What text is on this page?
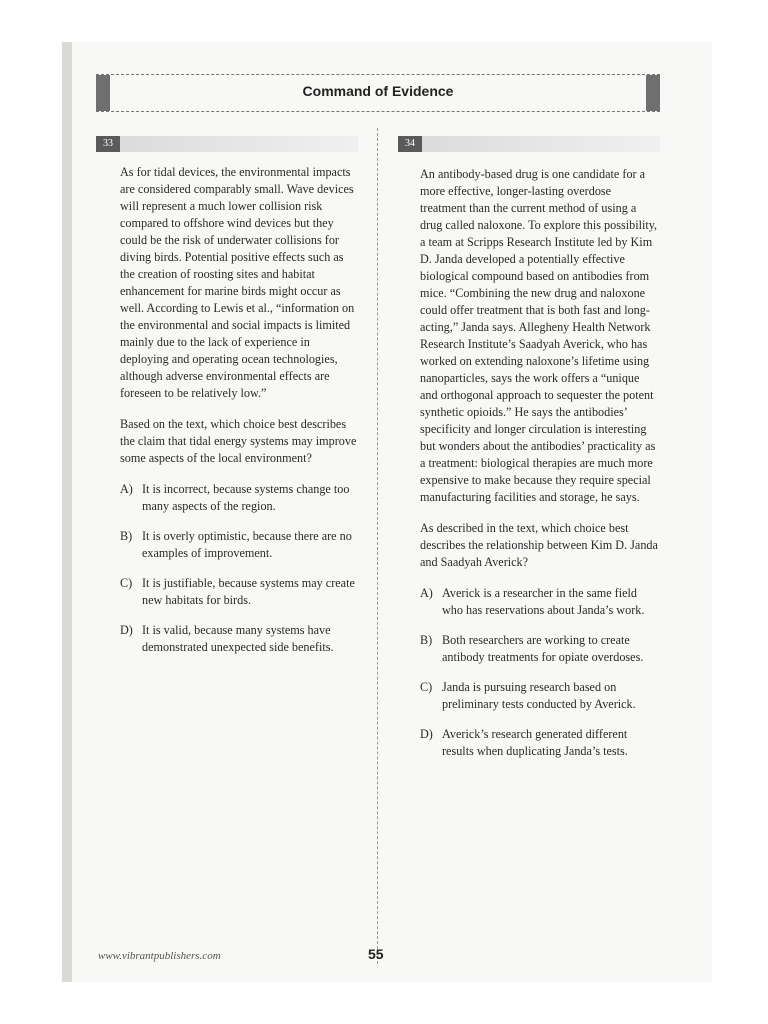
Command of Evidence
33

As for tidal devices, the environmental impacts are considered comparably small. Wave devices will represent a much lower collision risk compared to offshore wind devices but they could be the risk of underwater collisions for diving birds. Potential positive effects such as the creation of roosting sites and habitat enhancement for marine birds might occur as well. According to Lewis et al., “information on the environmental and social impacts is limited mainly due to the lack of experience in deploying and operating ocean technologies, although adverse environmental effects are foreseen to be relatively low.”

Based on the text, which choice best describes the claim that tidal energy systems may improve some aspects of the local environment?

A) It is incorrect, because systems change too many aspects of the region.
B) It is overly optimistic, because there are no examples of improvement.
C) It is justifiable, because systems may create new habitats for birds.
D) It is valid, because many systems have demonstrated unexpected side benefits.
34

An antibody-based drug is one candidate for a more effective, longer-lasting overdose treatment than the current method of using a drug called naloxone. To explore this possibility, a team at Scripps Research Institute led by Kim D. Janda developed a potentially effective biological compound based on antibodies from mice. “Combining the new drug and naloxone could offer treatment that is both fast and long-acting,” Janda says. Allegheny Health Network Research Institute’s Saadyah Averick, who has worked on extending naloxone’s lifetime using nanoparticles, says the work offers a “unique and orthogonal approach to sequester the potent synthetic opioids.” He says the antibodies’ specificity and longer circulation is interesting but wonders about the antibodies’ practicality as a treatment: biological therapies are much more expensive to make because they require special manufacturing facilities and storage, he says.

As described in the text, which choice best describes the relationship between Kim D. Janda and Saadyah Averick?

A) Averick is a researcher in the same field who has reservations about Janda’s work.
B) Both researchers are working to create antibody treatments for opiate overdoses.
C) Janda is pursuing research based on preliminary tests conducted by Averick.
D) Averick’s research generated different results when duplicating Janda’s tests.
www.vibrantpublishers.com	55
